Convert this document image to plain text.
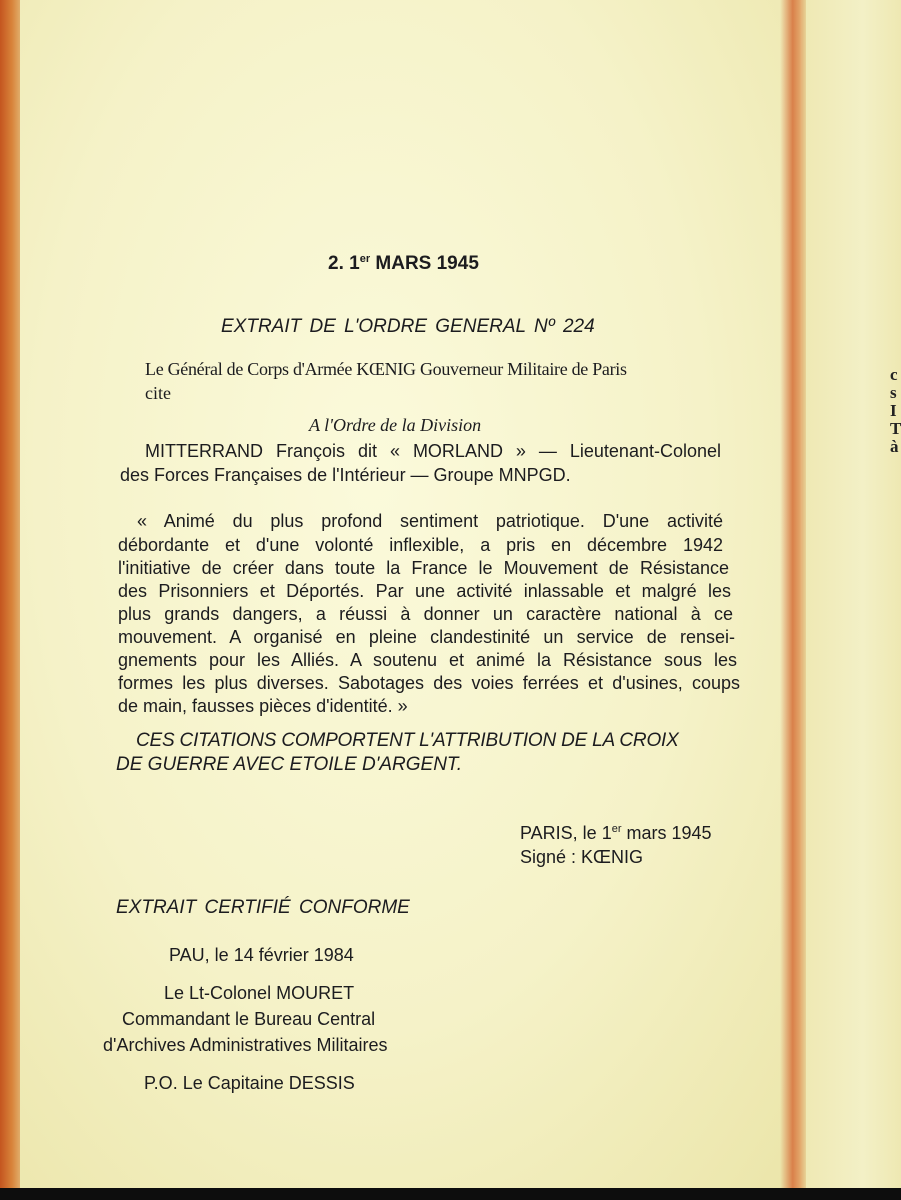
c
s
I
T
à

2. 1er MARS 1945

EXTRAIT DE L'ORDRE GENERAL Nº 224

Le Général de Corps d'Armée KŒNIG Gouverneur Militaire de Paris

cite

A l'Ordre de la Division

MITTERRAND François dit « MORLAND » — Lieutenant-Colonel

des Forces Françaises de l'Intérieur — Groupe MNPGD.

« Animé du plus profond sentiment patriotique. D'une activité

débordante et d'une volonté inflexible, a pris en décembre 1942

l'initiative de créer dans toute la France le Mouvement de Résistance

des Prisonniers et Déportés. Par une activité inlassable et malgré les

plus grands dangers, a réussi à donner un caractère national à ce

mouvement. A organisé en pleine clandestinité un service de rensei-

gnements pour les Alliés. A soutenu et animé la Résistance sous les

formes les plus diverses. Sabotages des voies ferrées et d'usines, coups

de main, fausses pièces d'identité. »

CES CITATIONS COMPORTENT L'ATTRIBUTION DE LA CROIX

DE GUERRE AVEC ETOILE D'ARGENT.

PARIS, le 1er mars 1945

Signé : KŒNIG

EXTRAIT CERTIFIÉ CONFORME

PAU, le 14 février 1984

Le Lt-Colonel MOURET

Commandant le Bureau Central

d'Archives Administratives Militaires

P.O. Le Capitaine DESSIS
